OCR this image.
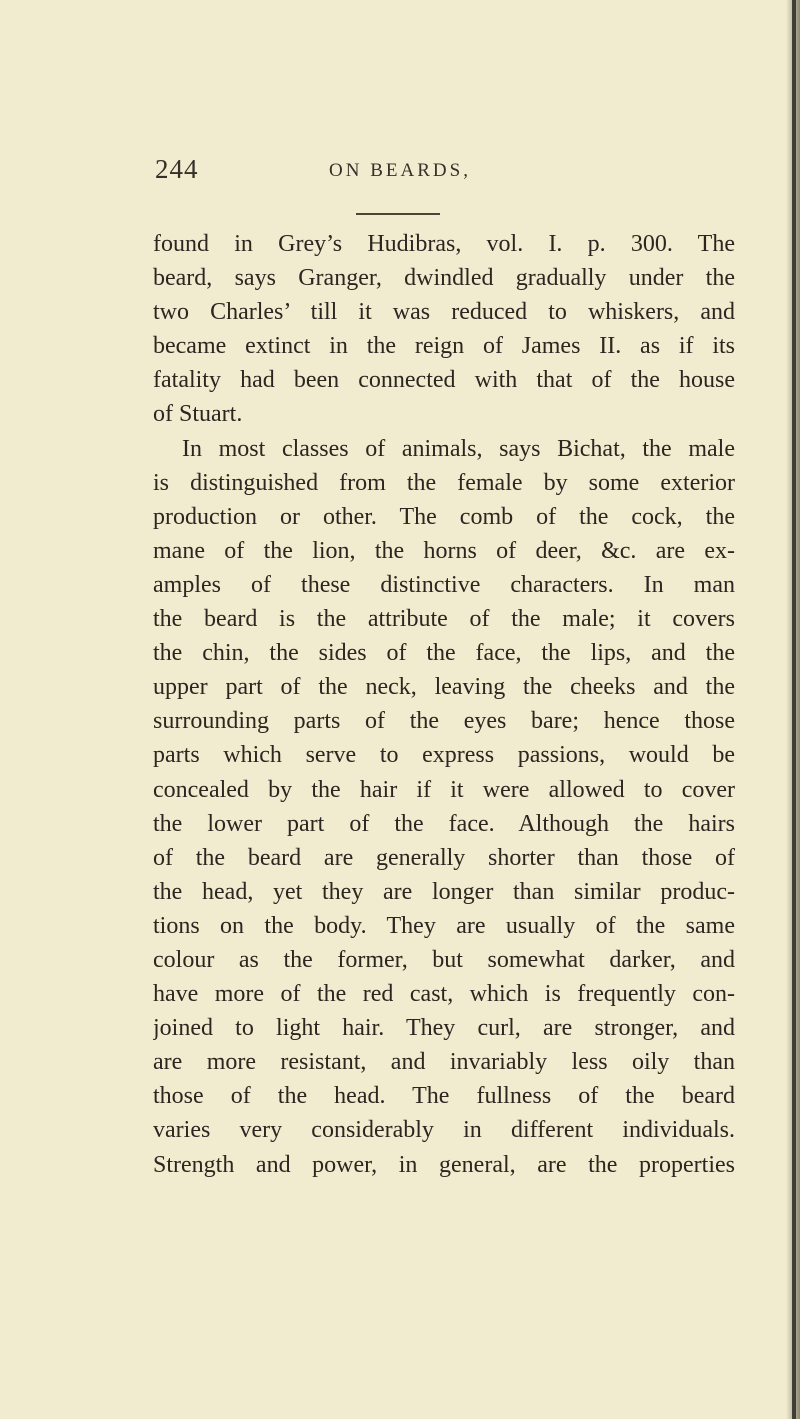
244	ON BEARDS,
found in Grey’s Hudibras, vol. I. p. 300. The
beard, says Granger, dwindled gradually under the
two Charles’ till it was reduced to whiskers, and
became extinct in the reign of James II. as if its
fatality had been connected with that of the house
of Stuart.
In most classes of animals, says Bichat, the male
is distinguished from the female by some exterior
production or other. The comb of the cock, the
mane of the lion, the horns of deer, &c. are ex-
amples of these distinctive characters. In man
the beard is the attribute of the male; it covers
the chin, the sides of the face, the lips, and the
upper part of the neck, leaving the cheeks and the
surrounding parts of the eyes bare; hence those
parts which serve to express passions, would be
concealed by the hair if it were allowed to cover
the lower part of the face. Although the hairs
of the beard are generally shorter than those of
the head, yet they are longer than similar produc-
tions on the body. They are usually of the same
colour as the former, but somewhat darker, and
have more of the red cast, which is frequently con-
joined to light hair. They curl, are stronger, and
are more resistant, and invariably less oily than
those of the head. The fullness of the beard
varies very considerably in different individuals.
Strength and power, in general, are the properties
